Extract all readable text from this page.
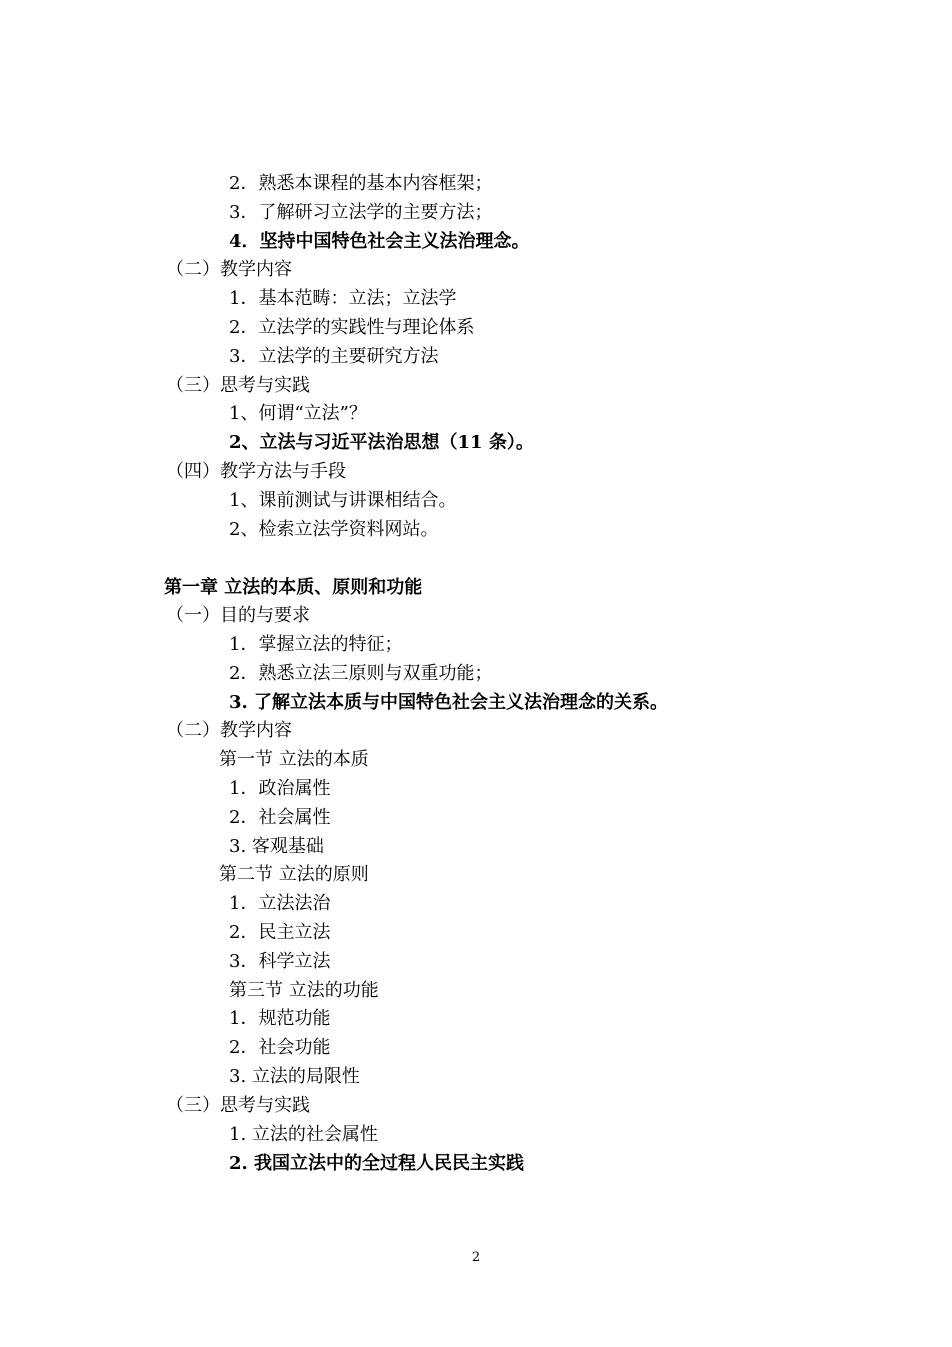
2．熟悉本课程的基本内容框架；
3．了解研习立法学的主要方法；
4．坚持中国特色社会主义法治理念。
（二）教学内容
1．基本范畴：立法；立法学
2．立法学的实践性与理论体系
3．立法学的主要研究方法
（三）思考与实践
1、何谓“立法”？
2、立法与习近平法治思想（11 条）。
（四）教学方法与手段
1、课前测试与讲课相结合。
2、检索立法学资料网站。
第一章 立法的本质、原则和功能
（一）目的与要求
1．掌握立法的特征；
2．熟悉立法三原则与双重功能；
3. 了解立法本质与中国特色社会主义法治理念的关系。
（二）教学内容
第一节 立法的本质
1．政治属性
2．社会属性
3. 客观基础
第二节 立法的原则
1．立法法治
2．民主立法
3．科学立法
第三节 立法的功能
1．规范功能
2．社会功能
3. 立法的局限性
（三）思考与实践
1. 立法的社会属性
2. 我国立法中的全过程人民民主实践
2
